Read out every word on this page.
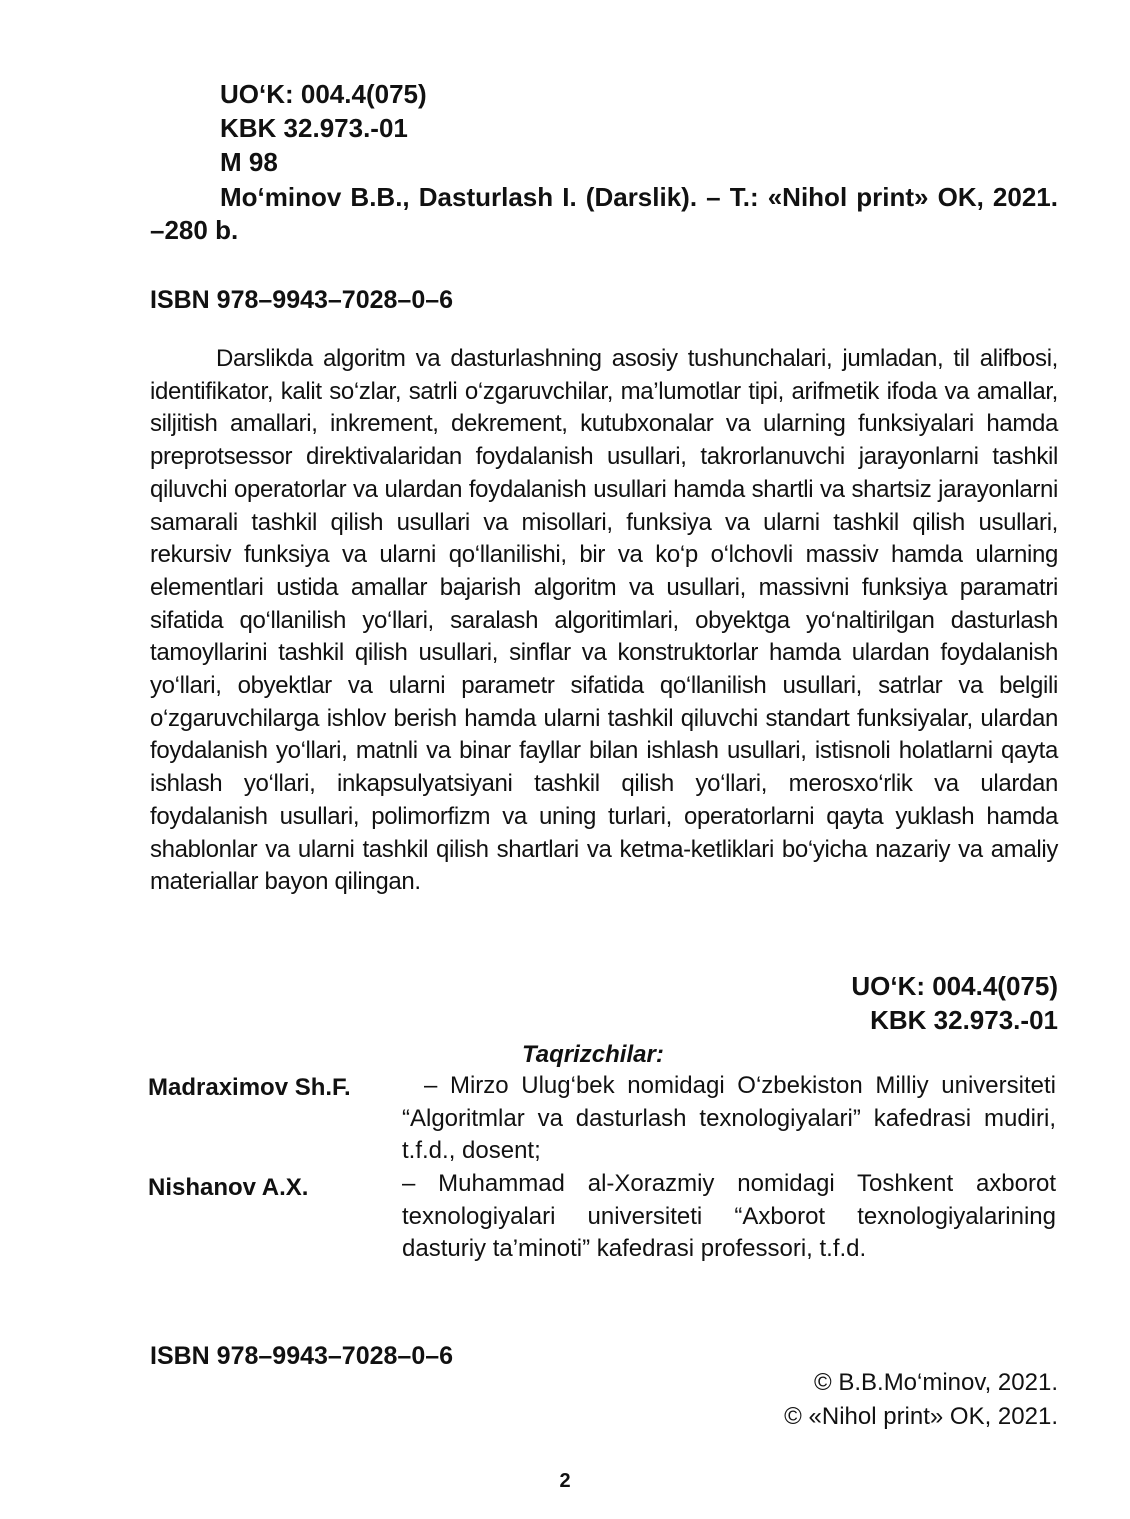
UO‘K: 004.4(075)
KBK 32.973.-01
M 98
Mo‘minov B.B., Dasturlash I. (Darslik). – T.: «Nihol print» OK, 2021. –280 b.
ISBN 978–9943–7028–0–6
Darslikda algoritm va dasturlashning asosiy tushunchalari, jumladan, til alifbosi, identifikator, kalit so‘zlar, satrli o‘zgaruvchilar, ma’lumotlar tipi, arifmetik ifoda va amallar, siljitish amallari, inkrement, dekrement, kutubxonalar va ularning funksiyalari hamda preprotsessor direktivalaridan foydalanish usullari, takrorlanuvchi jarayonlarni tashkil qiluvchi operatorlar va ulardan foydalanish usullari hamda shartli va shartsiz jarayonlarni samarali tashkil qilish usullari va misollari, funksiya va ularni tashkil qilish usullari, rekursiv funksiya va ularni qo‘llanilishi, bir va ko‘p o‘lchovli massiv hamda ularning elementlari ustida amallar bajarish algoritm va usullari, massivni funksiya paramatri sifatida qo‘llanilish yo‘llari, saralash algoritimlari, obyektga yo‘naltirilgan dasturlash tamoyllarini tashkil qilish usullari, sinflar va konstruktorlar hamda ulardan foydalanish yo‘llari, obyektlar va ularni parametr sifatida qo‘llanilish usullari, satrlar va belgili o‘zgaruvchilarga ishlov berish hamda ularni tashkil qiluvchi standart funksiyalar, ulardan foydalanish yo‘llari, matnli va binar fayllar bilan ishlash usullari, istisnoli holatlarni qayta ishlash yo‘llari, inkapsulyatsiyani tashkil qilish yo‘llari, merosxo‘rlik va ulardan foydalanish usullari, polimorfizm va uning turlari, operatorlarni qayta yuklash hamda shablonlar va ularni tashkil qilish shartlari va ketma-ketliklari bo‘yicha nazariy va amaliy materiallar bayon qilingan.
UO‘K: 004.4(075)
KBK 32.973.-01
Taqrizchilar:
Madraximov Sh.F.	– Mirzo Ulug‘bek nomidagi O‘zbekiston Milliy universiteti “Algoritmlar va dasturlash texnologiyalari” kafedrasi mudiri, t.f.d., dosent;
Nishanov A.X.	– Muhammad al-Xorazmiy nomidagi Toshkent axborot texnologiyalari universiteti “Axborot texnologiyalarining dasturiy ta’minoti” kafedrasi professori, t.f.d.
ISBN 978–9943–7028–0–6
© B.B.Mo‘minov, 2021.
© «Nihol print» OK, 2021.
2
